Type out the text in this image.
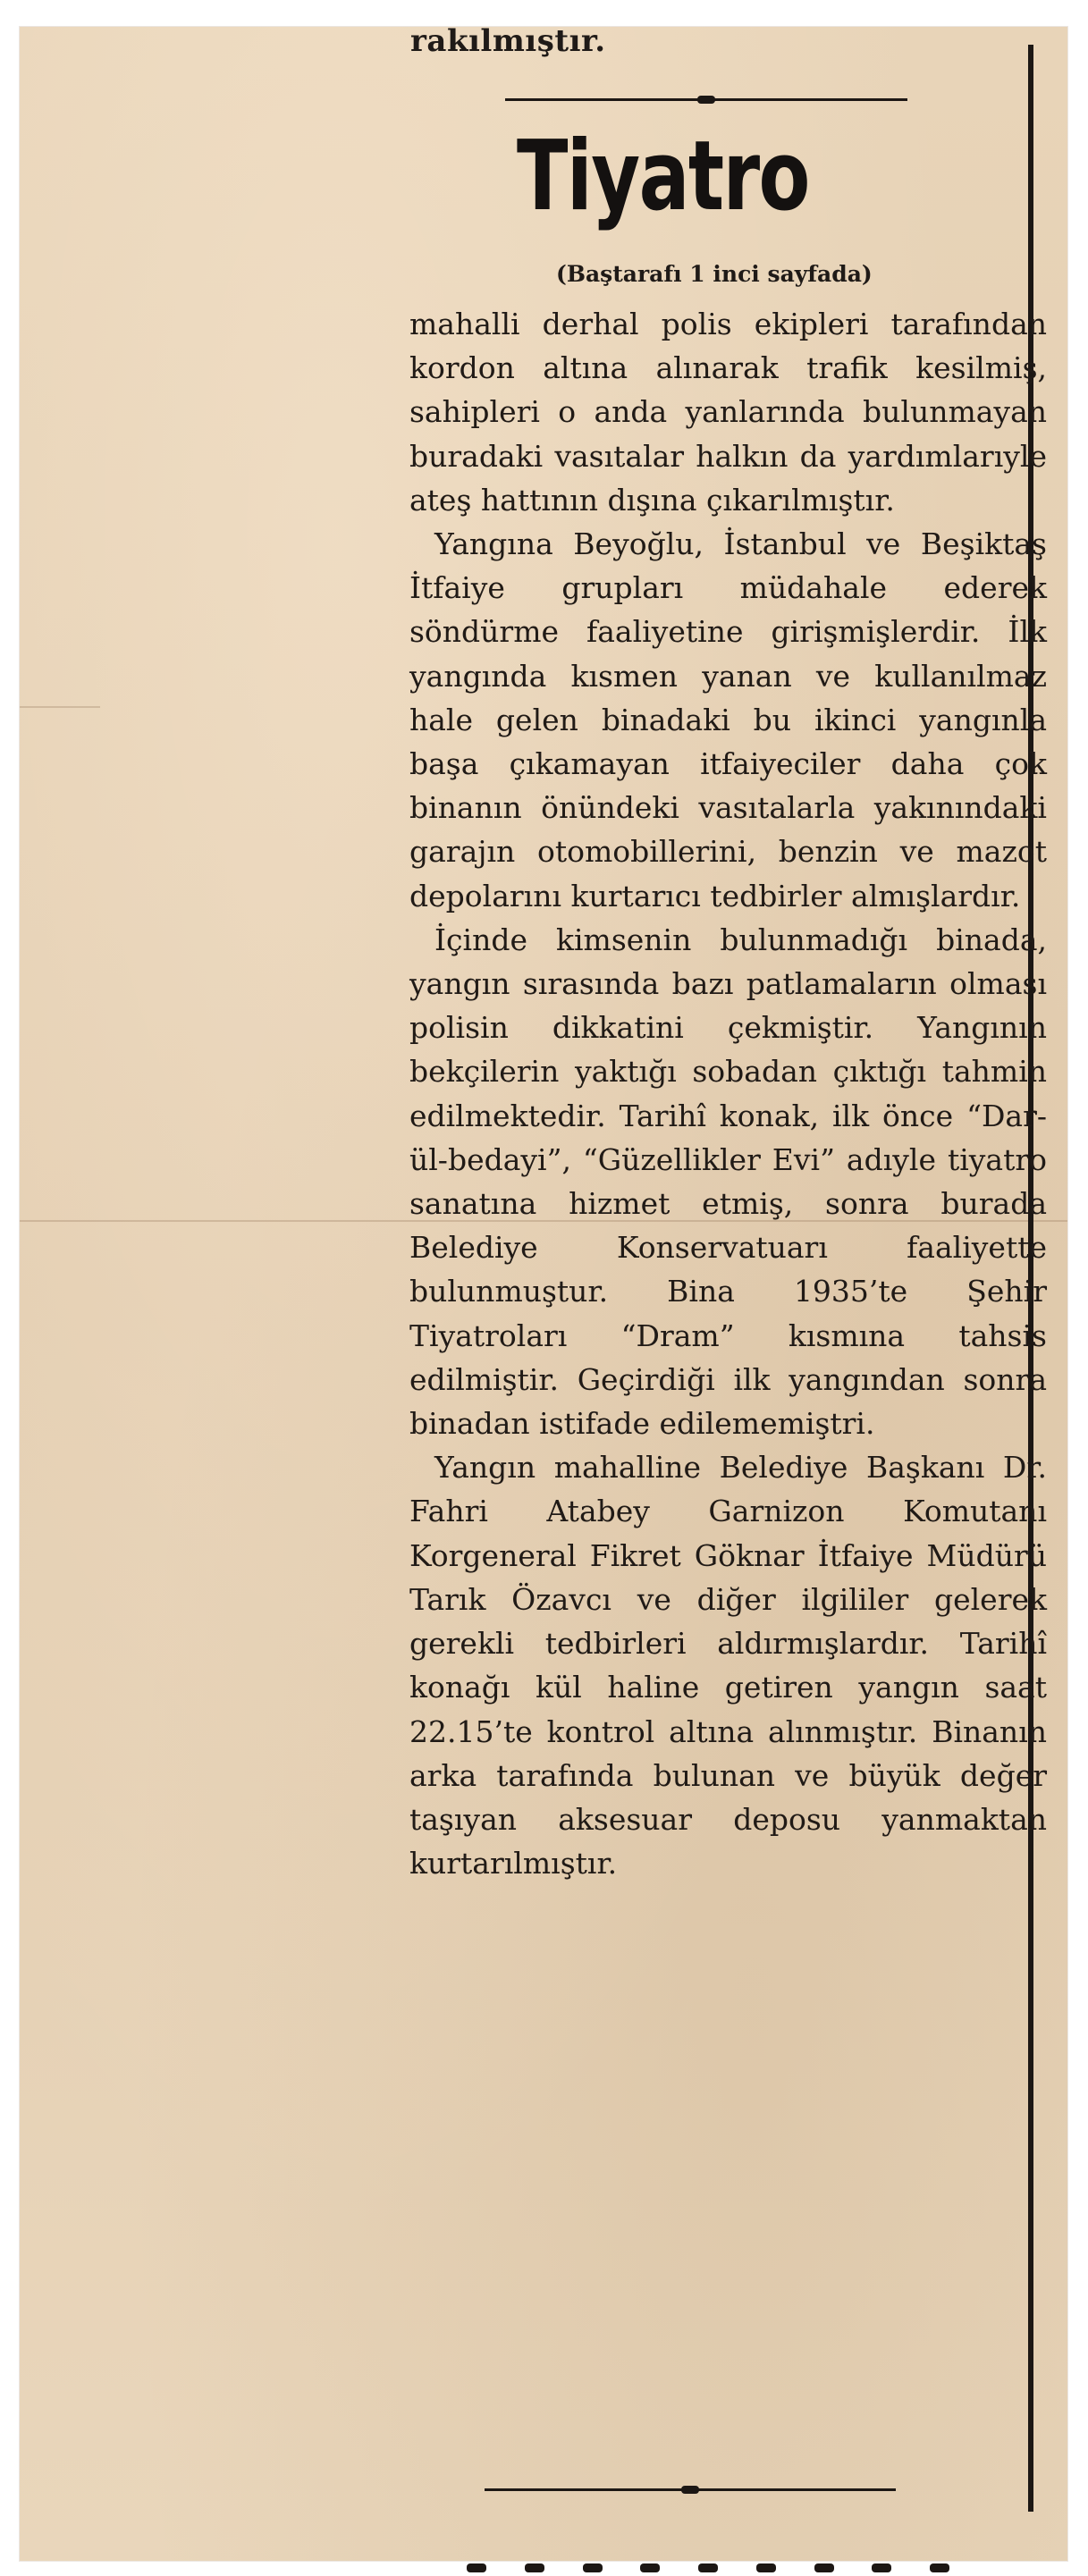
rakılmıştır.
Tiyatro
(Baştarafı 1 inci sayfada)

mahalli derhal polis ekipleri tarafından kordon altına alınarak trafik kesilmiş, sahipleri o anda yanlarında bulunmayan buradaki vasıtalar halkın da yardımlarıyle ateş hattının dışına çıkarılmıştır.

Yangına Beyoğlu, İstanbul ve Beşiktaş İtfaiye grupları müdahale ederek söndürme faaliyetine girişmişlerdir. İlk yangında kısmen yanan ve kullanılmaz hale gelen binadaki bu ikinci yangınla başa çıkamayan itfaiyeciler daha çok binanın önündeki vasıtalarla yakınındaki garajın otomobillerini, benzin ve mazot depolarını kurtarıcı tedbirler almışlardır.

İçinde kimsenin bulunmadığı binada, yangın sırasında bazı patlamaların olması polisin dikkatini çekmiştir. Yangının bekçilerin yaktığı sobadan çıktığı tahmin edilmektedir. Tarihî konak, ilk önce “Dar-ül-bedayi”, “Güzellikler Evi” adıyle tiyatro sanatına hizmet etmiş, sonra burada Belediye Konservatuarı faaliyette bulunmuştur. Bina 1935’te Şehir Tiyatroları “Dram” kısmına tahsis edilmiştir. Geçirdiği ilk yangından sonra binadan istifade edilememiştri.

Yangın mahalline Belediye Başkanı Dr. Fahri Atabey Garnizon Komutanı Korgeneral Fikret Göknar İtfaiye Müdürü Tarık Özavcı ve diğer ilgililer gelerek gerekli tedbirleri aldırmışlardır. Tarihî konağı kül haline getiren yangın saat 22.15’te kontrol altına alınmıştır. Binanın arka tarafında bulunan ve büyük değer taşıyan aksesuar deposu yanmaktan kurtarılmıştır.
